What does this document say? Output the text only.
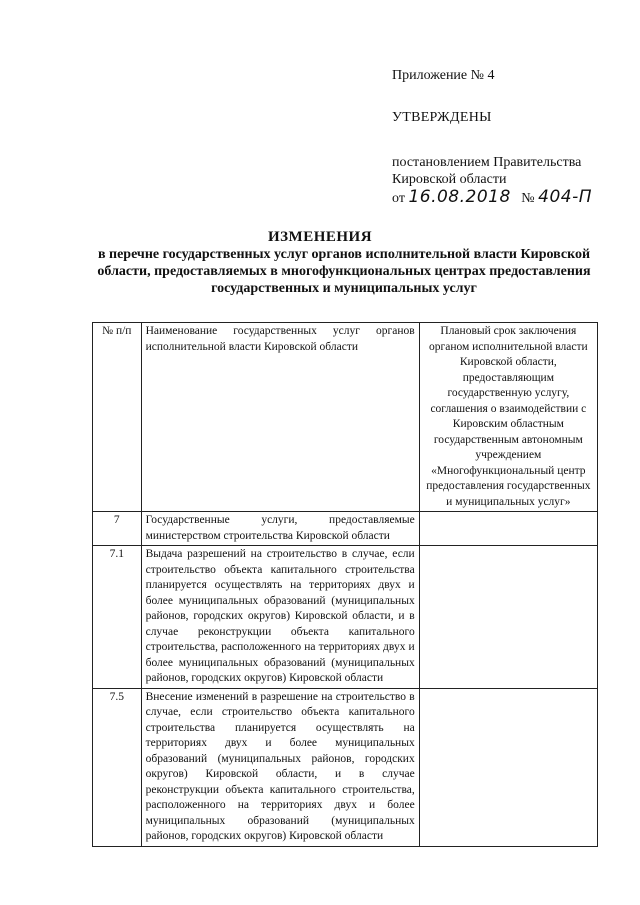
Приложение № 4
УТВЕРЖДЕНЫ
постановлением Правительства
Кировской области
от 16.08.2018 № 404-П
ИЗМЕНЕНИЯ
в перечне государственных услуг органов исполнительной власти Кировской области, предоставляемых в многофункциональных центрах предоставления государственных и муниципальных услуг
№ п/п	Наименование государственных услуг органов исполнительной власти Кировской области	Плановый срок заключения органом исполнительной власти Кировской области, предоставляющим государственную услугу, соглашения о взаимодействии с Кировским областным государственным автономным учреждением «Многофункциональный центр предоставления государственных и муниципальных услуг»
7	Государственные услуги, предоставляемые министерством строительства Кировской области	
7.1	Выдача разрешений на строительство в случае, если строительство объекта капитального строительства планируется осуществлять на территориях двух и более муниципальных образований (муниципальных районов, городских округов) Кировской области, и в случае реконструкции объекта капитального строительства, расположенного на территориях двух и более муниципальных образований (муниципальных районов, городских округов) Кировской области	
7.5	Внесение изменений в разрешение на строительство в случае, если строительство объекта капитального строительства планируется осуществлять на территориях двух и более муниципальных образований (муниципальных районов, городских округов) Кировской области, и в случае реконструкции объекта капитального строительства, расположенного на территориях двух и более муниципальных образований (муниципальных районов, городских округов) Кировской области	
